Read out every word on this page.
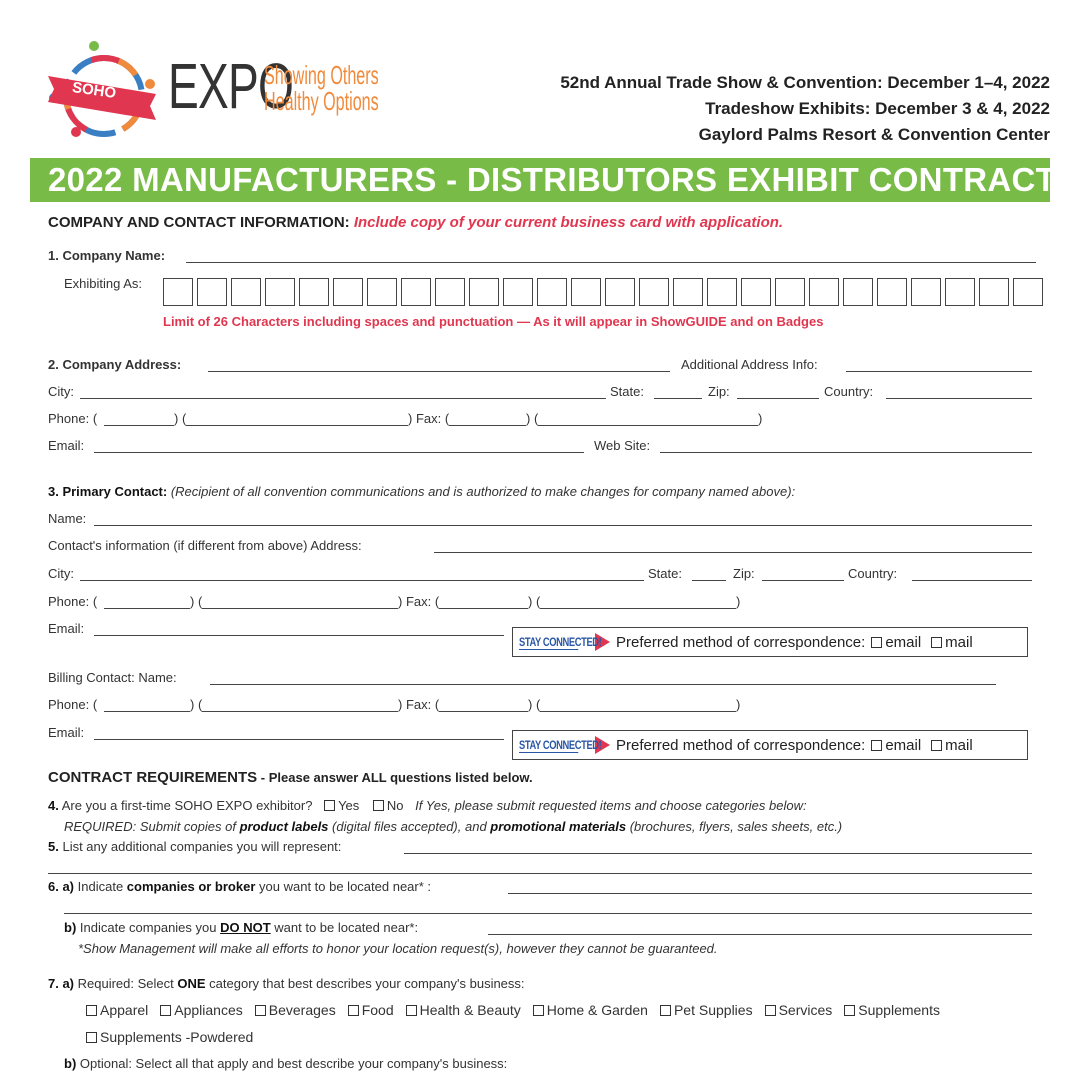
SOHO EXPO
Showing Others
Healthy Options
52nd Annual Trade Show & Convention: December 1–4, 2022
Tradeshow Exhibits: December 3 & 4, 2022
Gaylord Palms Resort & Convention Center
2022 MANUFACTURERS - DISTRIBUTORS EXHIBIT CONTRACT
COMPANY AND CONTACT INFORMATION: Include copy of your current business card with application.
1. Company Name:
Exhibiting As:
Limit of 26 Characters including spaces and punctuation — As it will appear in ShowGUIDE and on Badges
2. Company Address:	Additional Address Info:
City:	State:	Zip:	Country:
Phone: (	) (	) Fax: (	) (	)
Email:	Web Site:
3. Primary Contact: (Recipient of all convention communications and is authorized to make changes for company named above):
Name:
Contact's information (if different from above) Address:
City:	State:	Zip:	Country:
Phone: (	) (	) Fax: (	) (	)
Email:
STAY CONNECTED! Preferred method of correspondence:	email	mail
Billing Contact: Name:
Phone: (	) (	) Fax: (	) (	)
Email:
STAY CONNECTED! Preferred method of correspondence:	email	mail
CONTRACT REQUIREMENTS - Please answer ALL questions listed below.
4. Are you a first-time SOHO EXPO exhibitor? Yes No If Yes, please submit requested items and choose categories below:
REQUIRED: Submit copies of product labels (digital files accepted), and promotional materials (brochures, flyers, sales sheets, etc.)
5. List any additional companies you will represent:
6. a) Indicate companies or broker you want to be located near* :
b) Indicate companies you DO NOT want to be located near*:
*Show Management will make all efforts to honor your location request(s), however they cannot be guaranteed.
7. a) Required: Select ONE category that best describes your company's business:
Apparel Appliances Beverages Food Health & Beauty Home & Garden Pet Supplies Services Supplements
Supplements -Powdered
b) Optional: Select all that apply and best describe your company's business:
